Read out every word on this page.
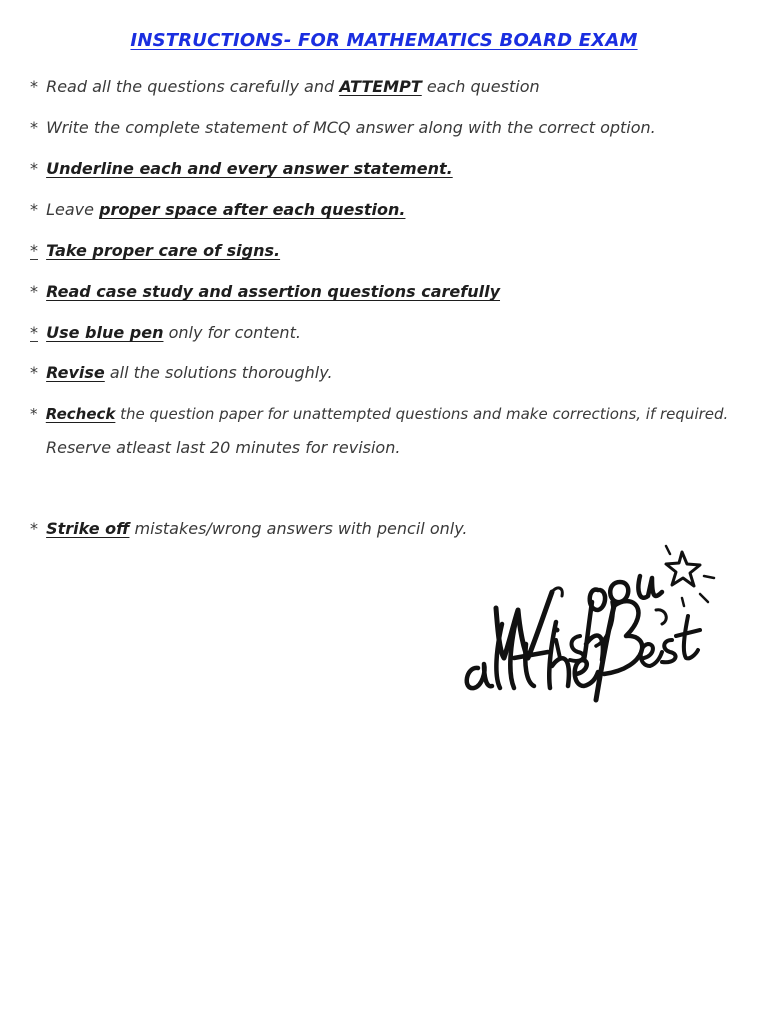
INSTRUCTIONS- FOR MATHEMATICS BOARD EXAM
* Read all the questions carefully and ATTEMPT each question
* Write the complete statement of MCQ answer along with the correct option.
* Underline each and every answer statement.
* Leave proper space after each question.
* Take proper care of signs.
* Read case study and assertion questions carefully
* Use blue pen only for content.
* Revise all the solutions thoroughly.
* Recheck the question paper for unattempted questions and make corrections, if required.
Reserve atleast last 20 minutes for revision.
* Strike off mistakes/wrong answers with pencil only.
